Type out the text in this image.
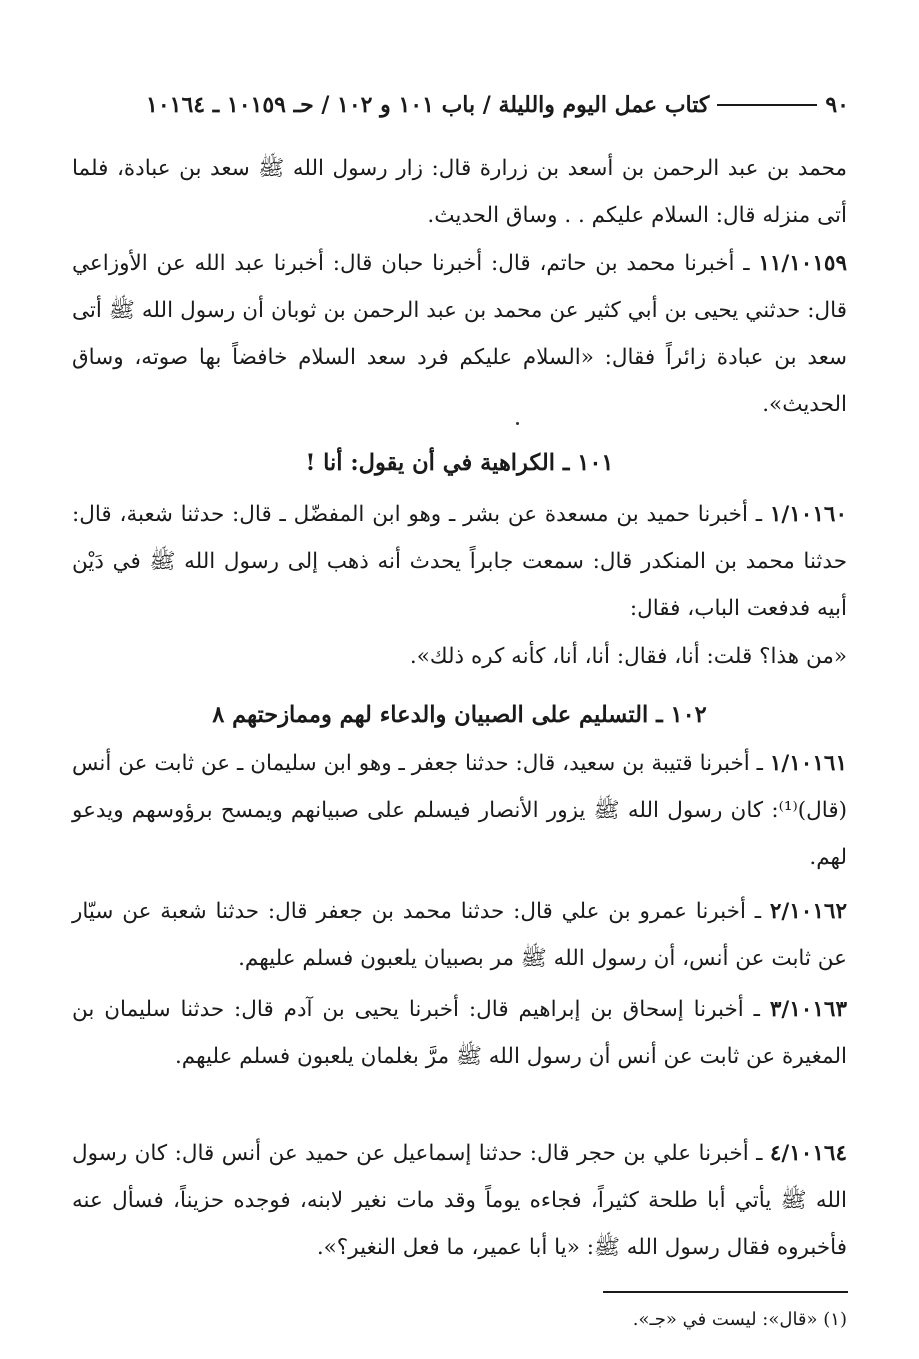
٩٠
كتاب عمل اليوم والليلة / باب ١٠١ و ١٠٢ / حـ ١٠١٥٩ ـ ١٠١٦٤

محمد بن عبد الرحمن بن أسعد بن زرارة قال: زار رسول الله ﷺ سعد بن عبادة، فلما أتى منزله قال: السلام عليكم . . وساق الحديث.

١١/١٠١٥٩ ـ أخبرنا محمد بن حاتم، قال: أخبرنا حبان قال: أخبرنا عبد الله عن الأوزاعي قال: حدثني يحيى بن أبي كثير عن محمد بن عبد الرحمن بن ثوبان أن رسول الله ﷺ أتى سعد بن عبادة زائراً فقال: «السلام عليكم فرد سعد السلام خافضاً بها صوته، وساق الحديث».

١٠١ ـ الكراهية في أن يقول: أنا !

١/١٠١٦٠ ـ أخبرنا حميد بن مسعدة عن بشر ـ وهو ابن المفضّل ـ قال: حدثنا شعبة، قال: حدثنا محمد بن المنكدر قال: سمعت جابراً يحدث أنه ذهب إلى رسول الله ﷺ في دَيْن أبيه فدفعت الباب، فقال:

«من هذا؟ قلت: أنا، فقال: أنا، أنا، كأنه كره ذلك».

١٠٢ ـ التسليم على الصبيان والدعاء لهم وممازحتهم ٨

١/١٠١٦١ ـ أخبرنا قتيبة بن سعيد، قال: حدثنا جعفر ـ وهو ابن سليمان ـ عن ثابت عن أنس (قال)⁽¹⁾: كان رسول الله ﷺ يزور الأنصار فيسلم على صبيانهم ويمسح برؤوسهم ويدعو لهم.

٢/١٠١٦٢ ـ أخبرنا عمرو بن علي قال: حدثنا محمد بن جعفر قال: حدثنا شعبة عن سيّار عن ثابت عن أنس، أن رسول الله ﷺ مر بصبيان يلعبون فسلم عليهم.

٣/١٠١٦٣ ـ أخبرنا إسحاق بن إبراهيم قال: أخبرنا يحيى بن آدم قال: حدثنا سليمان بن المغيرة عن ثابت عن أنس أن رسول الله ﷺ مرَّ بغلمان يلعبون فسلم عليهم.

٤/١٠١٦٤ ـ أخبرنا علي بن حجر قال: حدثنا إسماعيل عن حميد عن أنس قال: كان رسول الله ﷺ يأتي أبا طلحة كثيراً، فجاءه يوماً وقد مات نغير لابنه، فوجده حزيناً، فسأل عنه فأخبروه فقال رسول الله ﷺ: «يا أبا عمير، ما فعل النغير؟».

(١) «قال»: ليست في «جـ».
